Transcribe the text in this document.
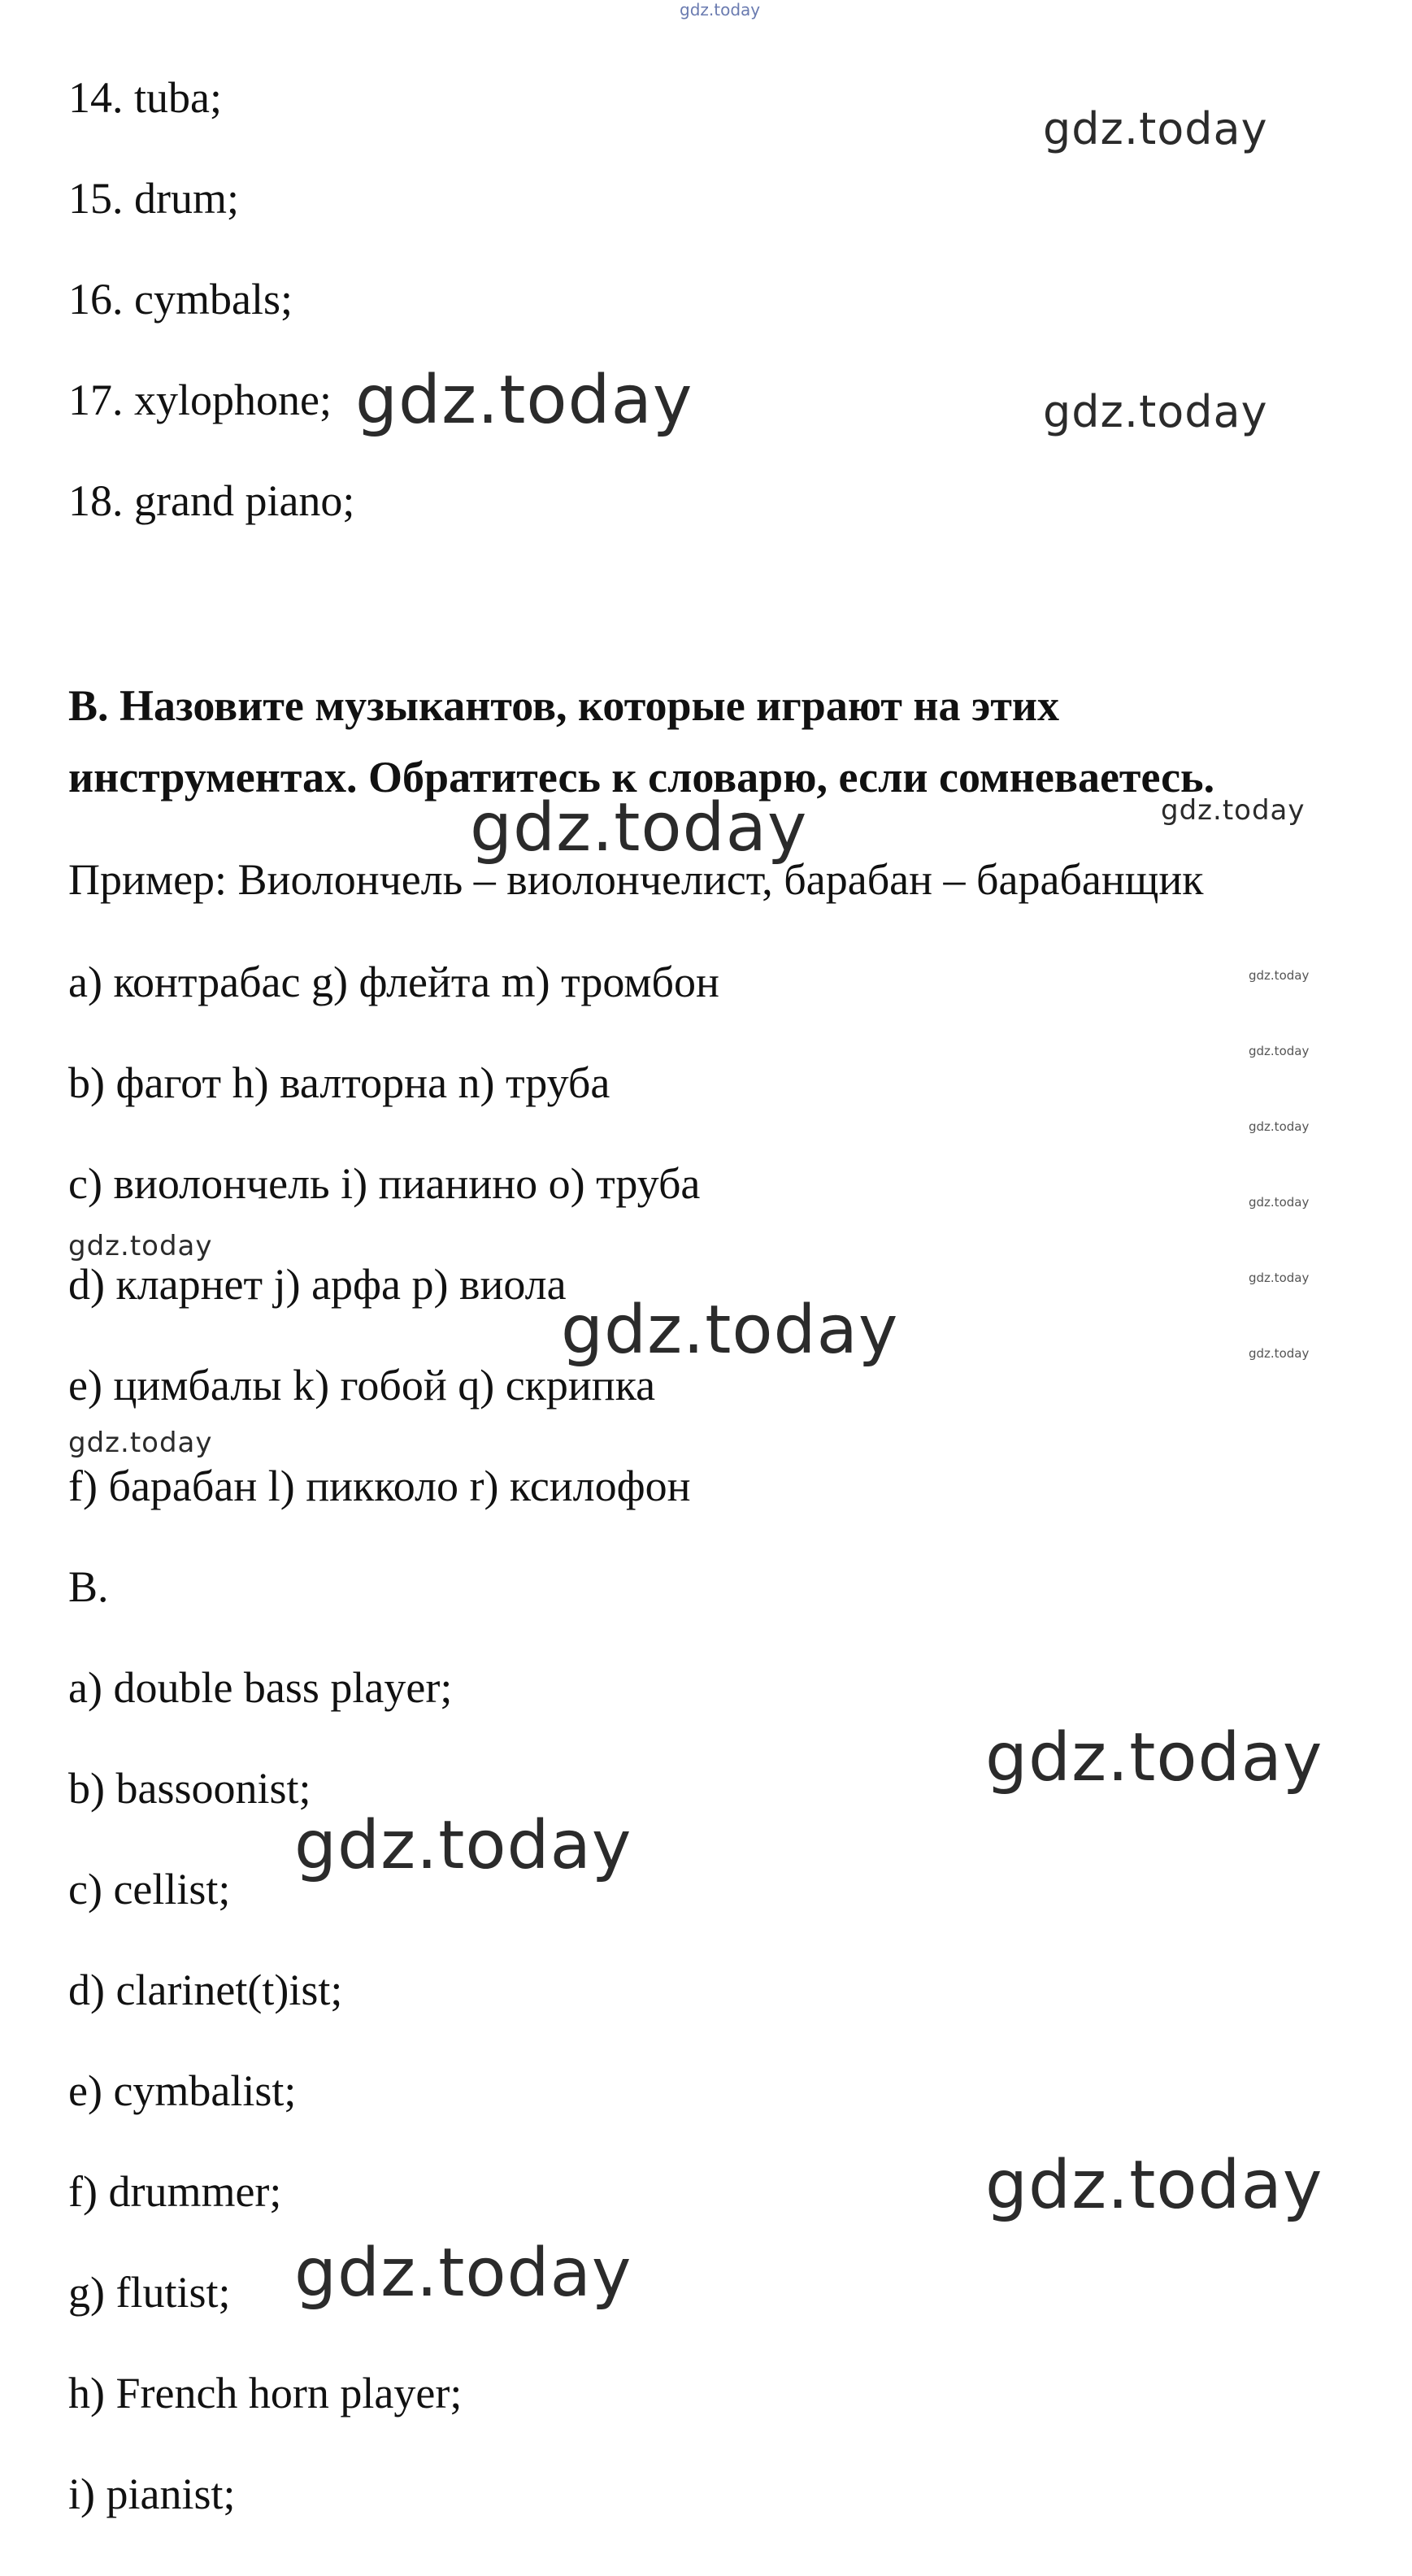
gdz.today
14. tuba;
15. drum;
16. cymbals;
17. xylophone;
18. grand piano;
B. Назовите музыкантов, которые играют на этих
инструментах. Обратитесь к словарю, если сомневаетесь.
Пример: Виолончель – виолончелист, барабан – барабанщик
a) контрабас g) флейта m) тромбон
b) фагот h) валторна n) труба
c) виолончель i) пианино o) труба
d) кларнет j) арфа p) виола
e) цимбалы k) гобой q) скрипка
f) барабан l) пикколо r) ксилофон
B.
a) double bass player;
b) bassoonist;
c) cellist;
d) clarinet(t)ist;
e) cymbalist;
f) drummer;
g) flutist;
h) French horn player;
i) pianist;
gdz.today
gdz.today	gdz.today
gdz.today	gdz.today
gdz.today
gdz.today
gdz.today
gdz.today
gdz.today
gdz.today
gdz.today
gdz.today
gdz.today
gdz.today
gdz.today
gdz.today
gdz.today
